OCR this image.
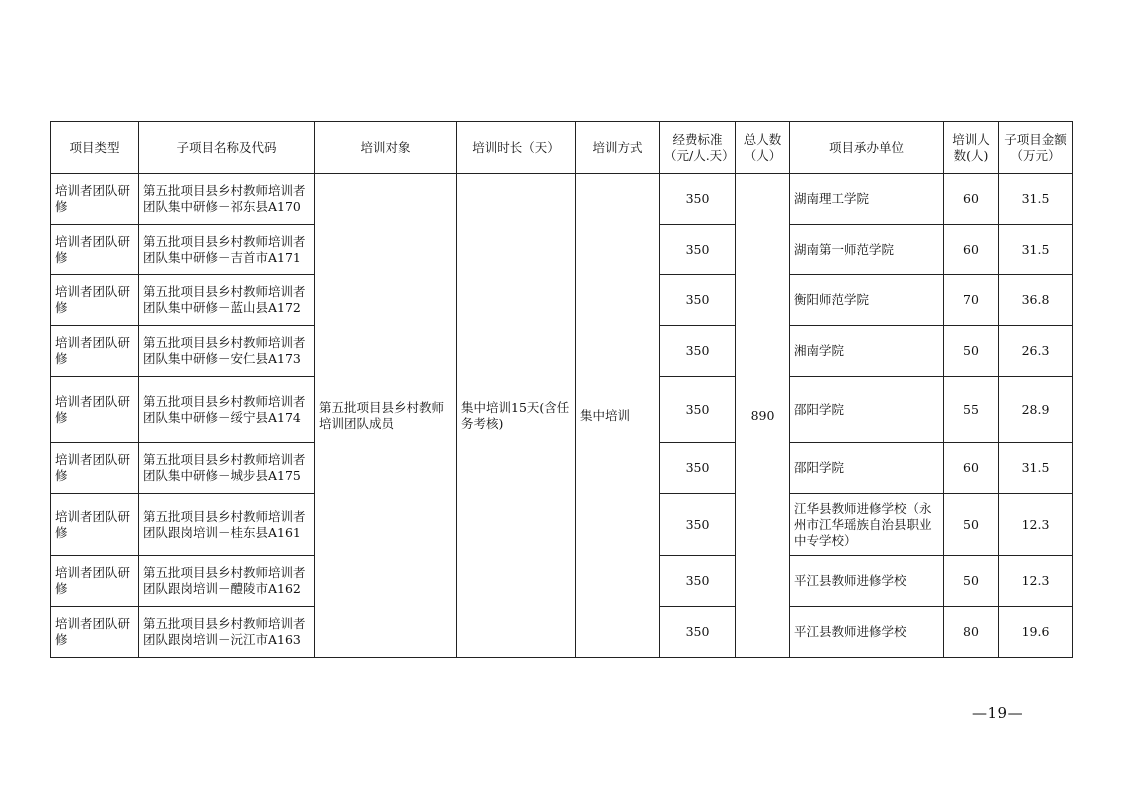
项目类型	子项目名称及代码	培训对象	培训时长（天）	培训方式	经费标准（元/人.天）	总人数（人）	项目承办单位	培训人数(人)	子项目金额（万元）
培训者团队研修	第五批项目县乡村教师培训者团队集中研修－祁东县A170	第五批项目县乡村教师培训团队成员	集中培训15天(含任务考核)	集中培训	350	890	湖南理工学院	60	31.5
培训者团队研修	第五批项目县乡村教师培训者团队集中研修－吉首市A171				350		湖南第一师范学院	60	31.5
培训者团队研修	第五批项目县乡村教师培训者团队集中研修－蓝山县A172				350		衡阳师范学院	70	36.8
培训者团队研修	第五批项目县乡村教师培训者团队集中研修－安仁县A173				350		湘南学院	50	26.3
培训者团队研修	第五批项目县乡村教师培训者团队集中研修－绥宁县A174				350		邵阳学院	55	28.9
培训者团队研修	第五批项目县乡村教师培训者团队集中研修－城步县A175				350		邵阳学院	60	31.5
培训者团队研修	第五批项目县乡村教师培训者团队跟岗培训－桂东县A161				350		江华县教师进修学校（永州市江华瑶族自治县职业中专学校）	50	12.3
培训者团队研修	第五批项目县乡村教师培训者团队跟岗培训－醴陵市A162				350		平江县教师进修学校	50	12.3
培训者团队研修	第五批项目县乡村教师培训者团队跟岗培训－沅江市A163				350		平江县教师进修学校	80	19.6
—19—
